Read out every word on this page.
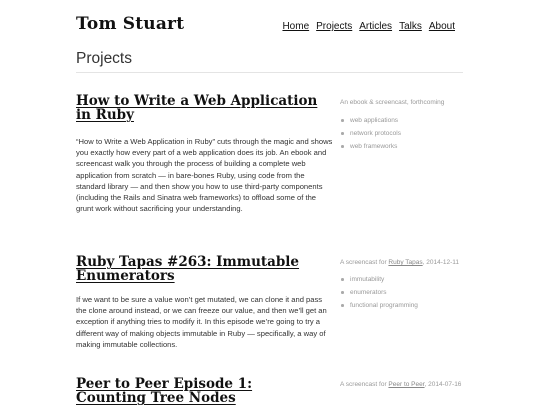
Tom Stuart	Home Projects Articles Talks About
Projects
How to Write a Web Application in Ruby
An ebook & screencast, forthcoming
web applications
network protocols
web frameworks

“How to Write a Web Application in Ruby” cuts through the magic and shows you exactly how every part of a web application does its job. An ebook and screencast walk you through the process of building a complete web application from scratch — in bare-bones Ruby, using code from the standard library — and then show you how to use third-party components (including the Rails and Sinatra web frameworks) to offload some of the grunt work without sacrificing your understanding.

Ruby Tapas #263: Immutable Enumerators
A screencast for Ruby Tapas, 2014-12-11
immutability
enumerators
functional programming

If we want to be sure a value won’t get mutated, we can clone it and pass the clone around instead, or we can freeze our value, and then we’ll get an exception if anything tries to modify it. In this episode we’re going to try a different way of making objects immutable in Ruby — specifically, a way of making immutable collections.

Peer to Peer Episode 1: Counting Tree Nodes
A screencast for Peer to Peer, 2014-07-16
